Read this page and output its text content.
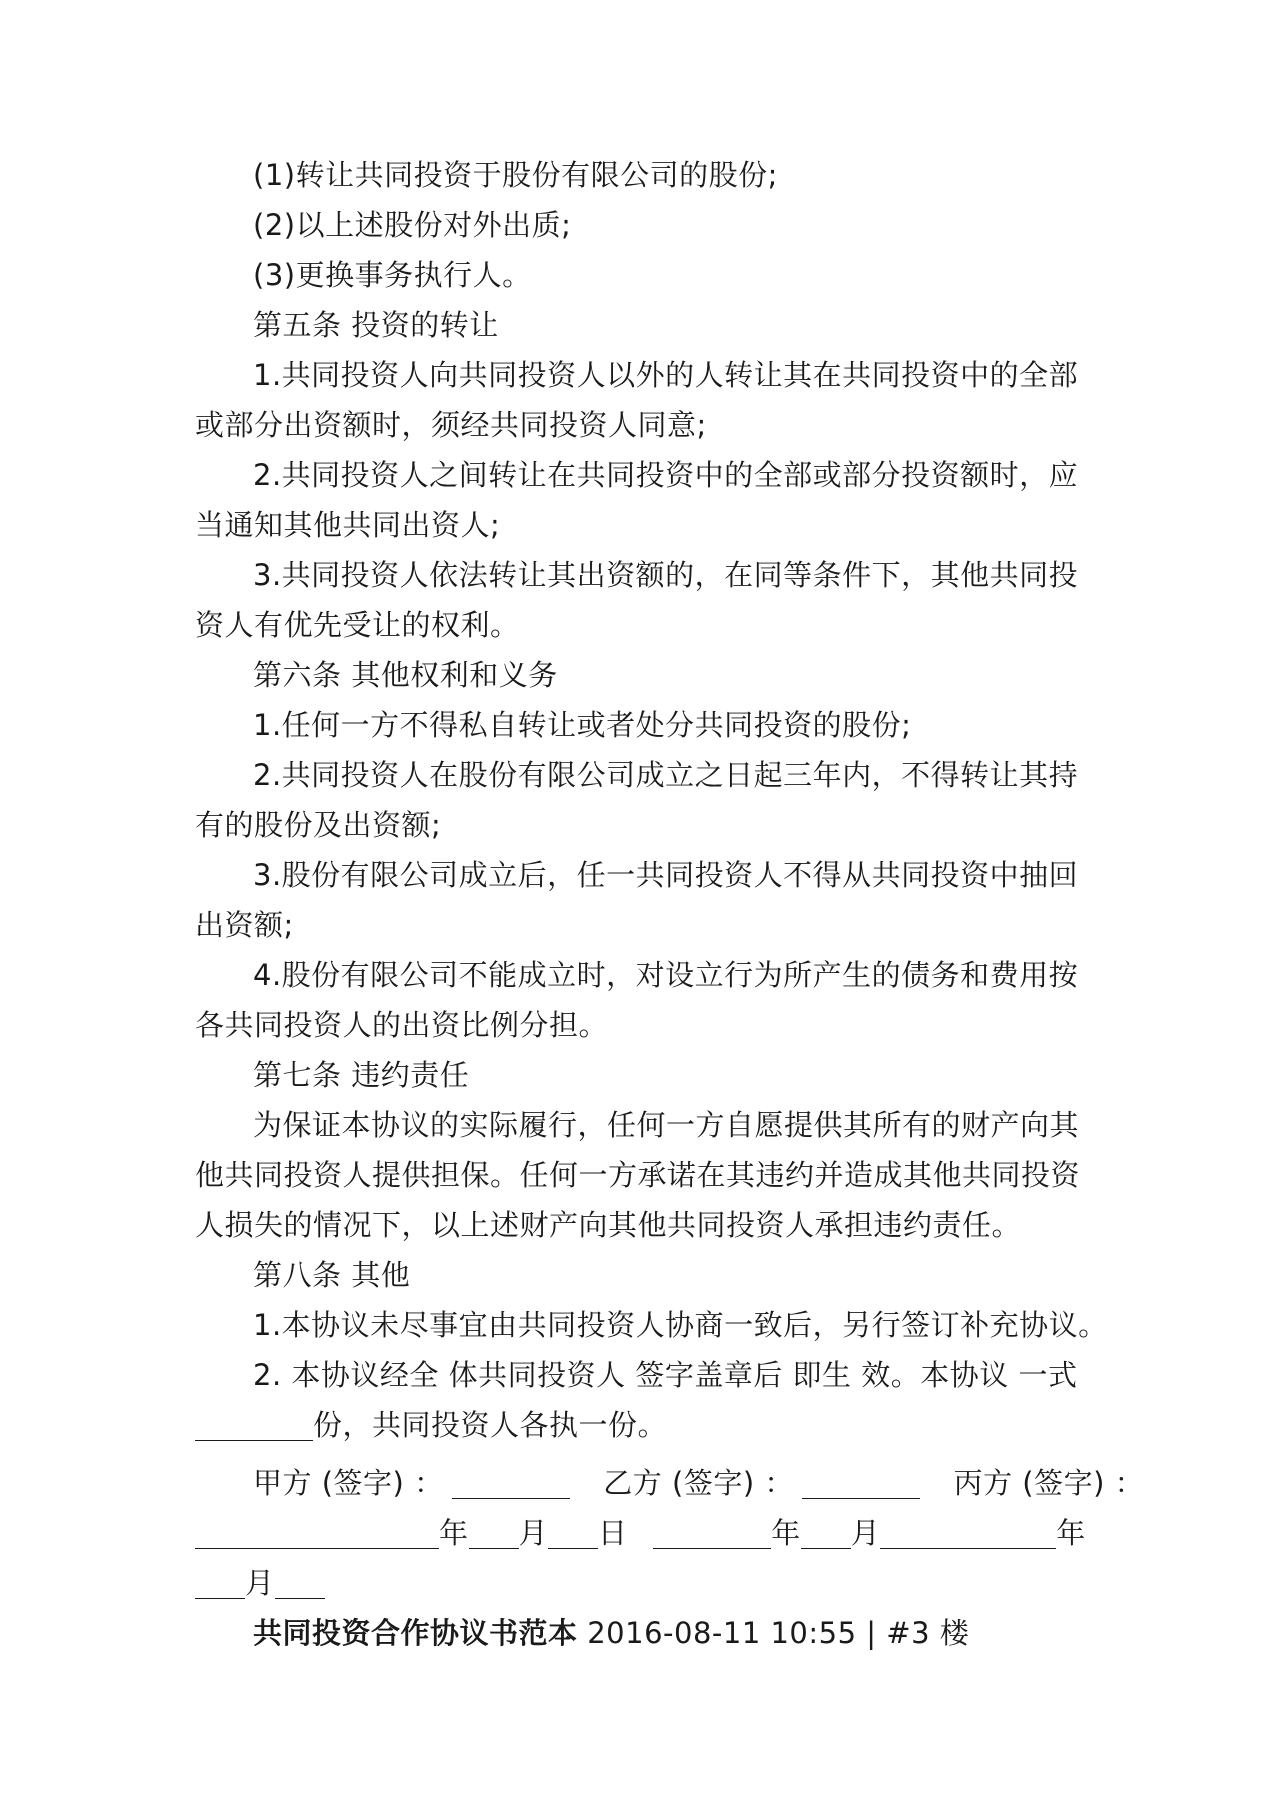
(1)转让共同投资于股份有限公司的股份;
(2)以上述股份对外出质;
(3)更换事务执行人。
第五条 投资的转让
1.共同投资人向共同投资人以外的人转让其在共同投资中的全部
或部分出资额时，须经共同投资人同意;
2.共同投资人之间转让在共同投资中的全部或部分投资额时，应
当通知其他共同出资人;
3.共同投资人依法转让其出资额的，在同等条件下，其他共同投
资人有优先受让的权利。
第六条 其他权利和义务
1.任何一方不得私自转让或者处分共同投资的股份;
2.共同投资人在股份有限公司成立之日起三年内，不得转让其持
有的股份及出资额;
3.股份有限公司成立后，任一共同投资人不得从共同投资中抽回
出资额;
4.股份有限公司不能成立时，对设立行为所产生的债务和费用按
各共同投资人的出资比例分担。
第七条 违约责任
为保证本协议的实际履行，任何一方自愿提供其所有的财产向其
他共同投资人提供担保。任何一方承诺在其违约并造成其他共同投资
人损失的情况下，以上述财产向其他共同投资人承担违约责任。
第八条 其他
1.本协议未尽事宜由共同投资人协商一致后，另行签订补充协议。
2. 本协议经全 体共同投资人 签字盖章后 即生 效。本协议 一式
份，共同投资人各执一份。
甲方 (签字) ：	乙方 (签字) ：	丙方 (签字) ：
年 月 日	年 月	年
月
共同投资合作协议书范本 2016-08-11 10:55 | #3 楼
